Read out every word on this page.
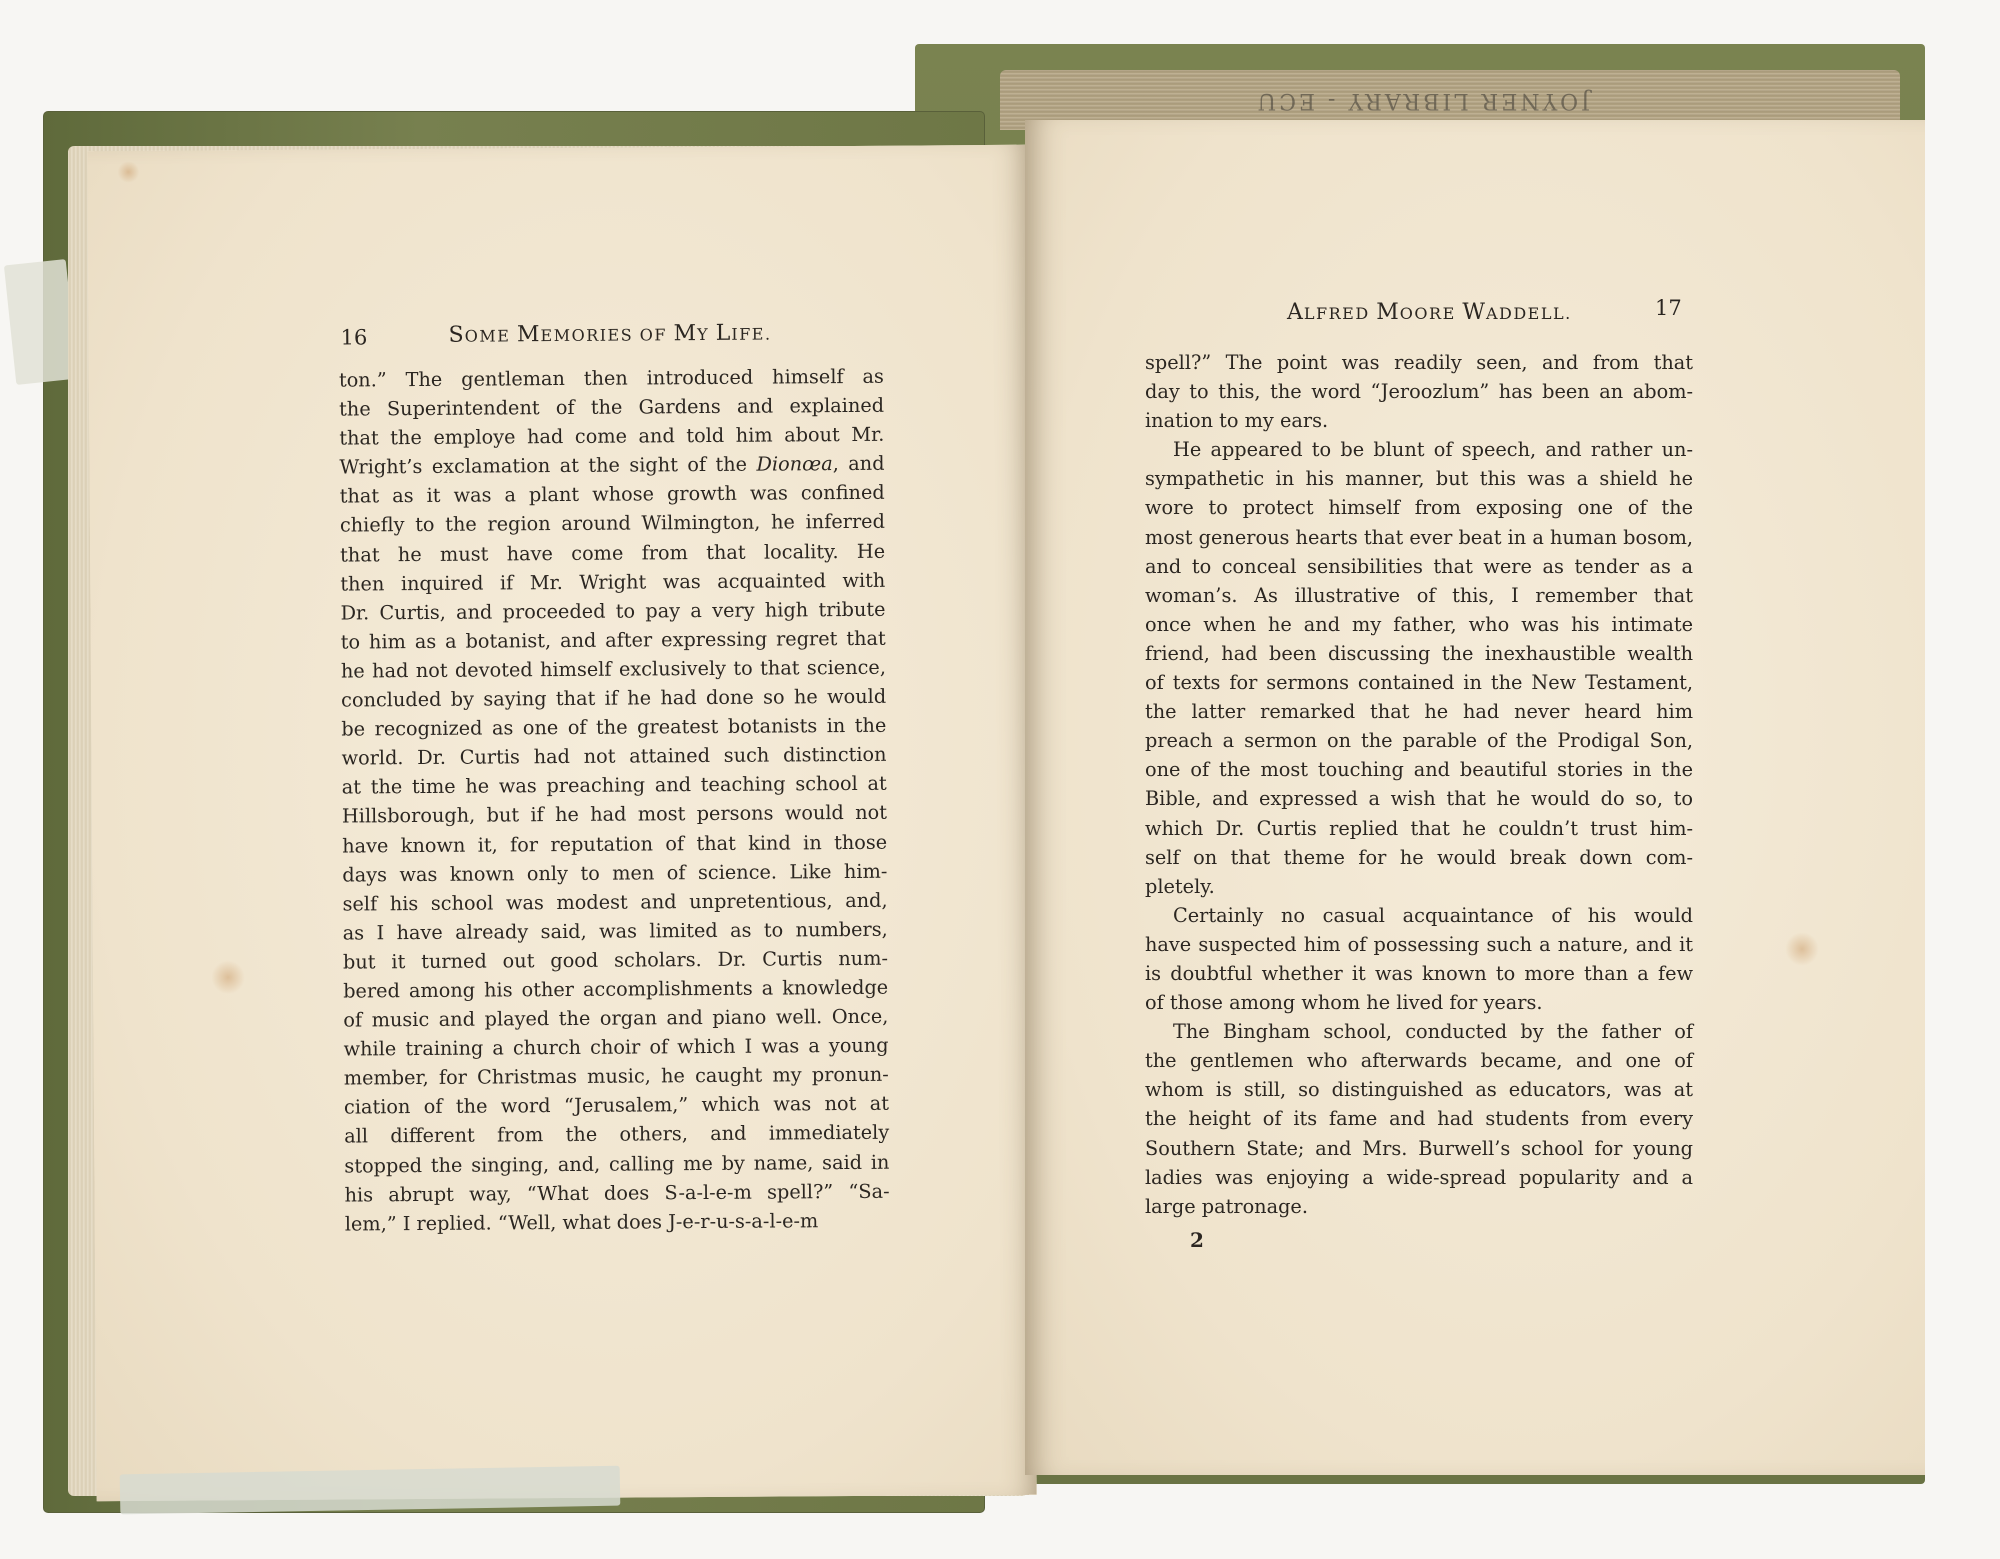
JOYNER LIBRARY - ECU
16	SOME MEMORIES OF MY LIFE.
ton.” The gentleman then introduced himself as
the Superintendent of the Gardens and explained
that the employe had come and told him about Mr.
Wright’s exclamation at the sight of the Dionœa, and
that as it was a plant whose growth was confined
chiefly to the region around Wilmington, he inferred
that he must have come from that locality. He
then inquired if Mr. Wright was acquainted with
Dr. Curtis, and proceeded to pay a very high tribute
to him as a botanist, and after expressing regret that
he had not devoted himself exclusively to that science,
concluded by saying that if he had done so he would
be recognized as one of the greatest botanists in the
world. Dr. Curtis had not attained such distinction
at the time he was preaching and teaching school at
Hillsborough, but if he had most persons would not
have known it, for reputation of that kind in those
days was known only to men of science. Like him-
self his school was modest and unpretentious, and,
as I have already said, was limited as to numbers,
but it turned out good scholars. Dr. Curtis num-
bered among his other accomplishments a knowledge
of music and played the organ and piano well. Once,
while training a church choir of which I was a young
member, for Christmas music, he caught my pronun-
ciation of the word “Jerusalem,” which was not at
all different from the others, and immediately
stopped the singing, and, calling me by name, said in
his abrupt way, “What does S-a-l-e-m spell?” “Sa-
lem,” I replied. “Well, what does J-e-r-u-s-a-l-e-m
ALFRED MOORE WADDELL.	17
spell?” The point was readily seen, and from that
day to this, the word “Jeroozlum” has been an abom-
ination to my ears.
He appeared to be blunt of speech, and rather un-
sympathetic in his manner, but this was a shield he
wore to protect himself from exposing one of the
most generous hearts that ever beat in a human bosom,
and to conceal sensibilities that were as tender as a
woman’s. As illustrative of this, I remember that
once when he and my father, who was his intimate
friend, had been discussing the inexhaustible wealth
of texts for sermons contained in the New Testament,
the latter remarked that he had never heard him
preach a sermon on the parable of the Prodigal Son,
one of the most touching and beautiful stories in the
Bible, and expressed a wish that he would do so, to
which Dr. Curtis replied that he couldn’t trust him-
self on that theme for he would break down com-
pletely.
Certainly no casual acquaintance of his would
have suspected him of possessing such a nature, and it
is doubtful whether it was known to more than a few
of those among whom he lived for years.
The Bingham school, conducted by the father of
the gentlemen who afterwards became, and one of
whom is still, so distinguished as educators, was at
the height of its fame and had students from every
Southern State; and Mrs. Burwell’s school for young
ladies was enjoying a wide-spread popularity and a
large patronage.
2
